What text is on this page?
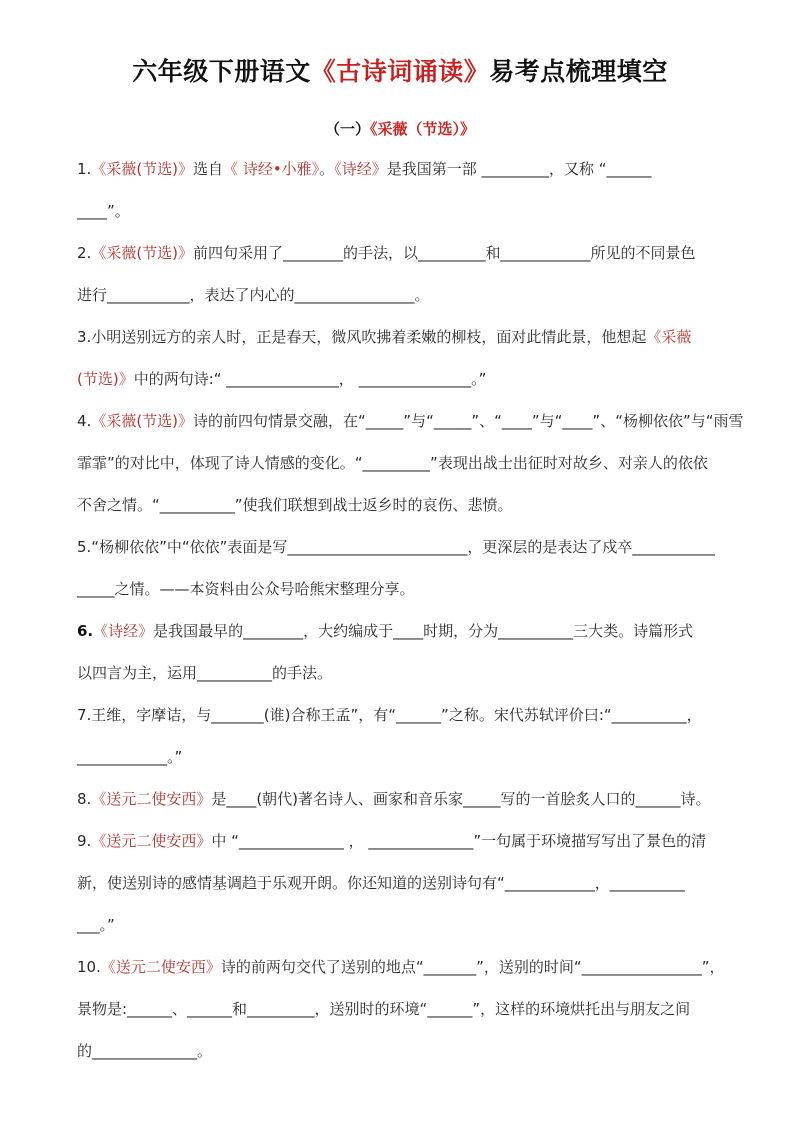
六年级下册语文《古诗词诵读》易考点梳理填空
（一）《采薇（节选）》
1.《采薇(节选)》选自《 诗经•小雅》。《诗经》是我国第一部 _________，又称 “______
____”。
2.《采薇(节选)》前四句采用了________的手法，以_________和____________所见的不同景色
进行___________，表达了内心的________________。
3.小明送别远方的亲人时，正是春天，微风吹拂着柔嫩的柳枝，面对此情此景，他想起《采薇
(节选)》中的两句诗:“ _______________， _______________。”
4.《采薇(节选)》诗的前四句情景交融，在“_____”与“_____”、“____”与“____”、“杨柳依依”与“雨雪
霏霏”的对比中，体现了诗人情感的变化。“_________”表现出战士出征时对故乡、对亲人的依依
不舍之情。“__________”使我们联想到战士返乡时的哀伤、悲愤。
5.“杨柳依依”中“依依”表面是写________________________，更深层的是表达了戍卒___________
_____之情。——本资料由公众号哈熊宋整理分享。
6.《诗经》是我国最早的________，大约编成于____时期，分为__________三大类。诗篇形式
以四言为主，运用__________的手法。
7.王维，字摩诘，与_______(谁)合称王孟”，有“______”之称。宋代苏轼评价曰:“__________，
____________。”
8.《送元二使安西》是____(朝代)著名诗人、画家和音乐家_____写的一首脍炙人口的______诗。
9.《送元二使安西》中 “______________ ， ______________”一句属于环境描写写出了景色的清
新，使送别诗的感情基调趋于乐观开朗。你还知道的送别诗句有“____________，__________
___。”
10.《送元二使安西》诗的前两句交代了送别的地点“_______”，送别的时间“________________”，
景物是:______、______和_________，送别时的环境“______”，这样的环境烘托出与朋友之间
的______________。
